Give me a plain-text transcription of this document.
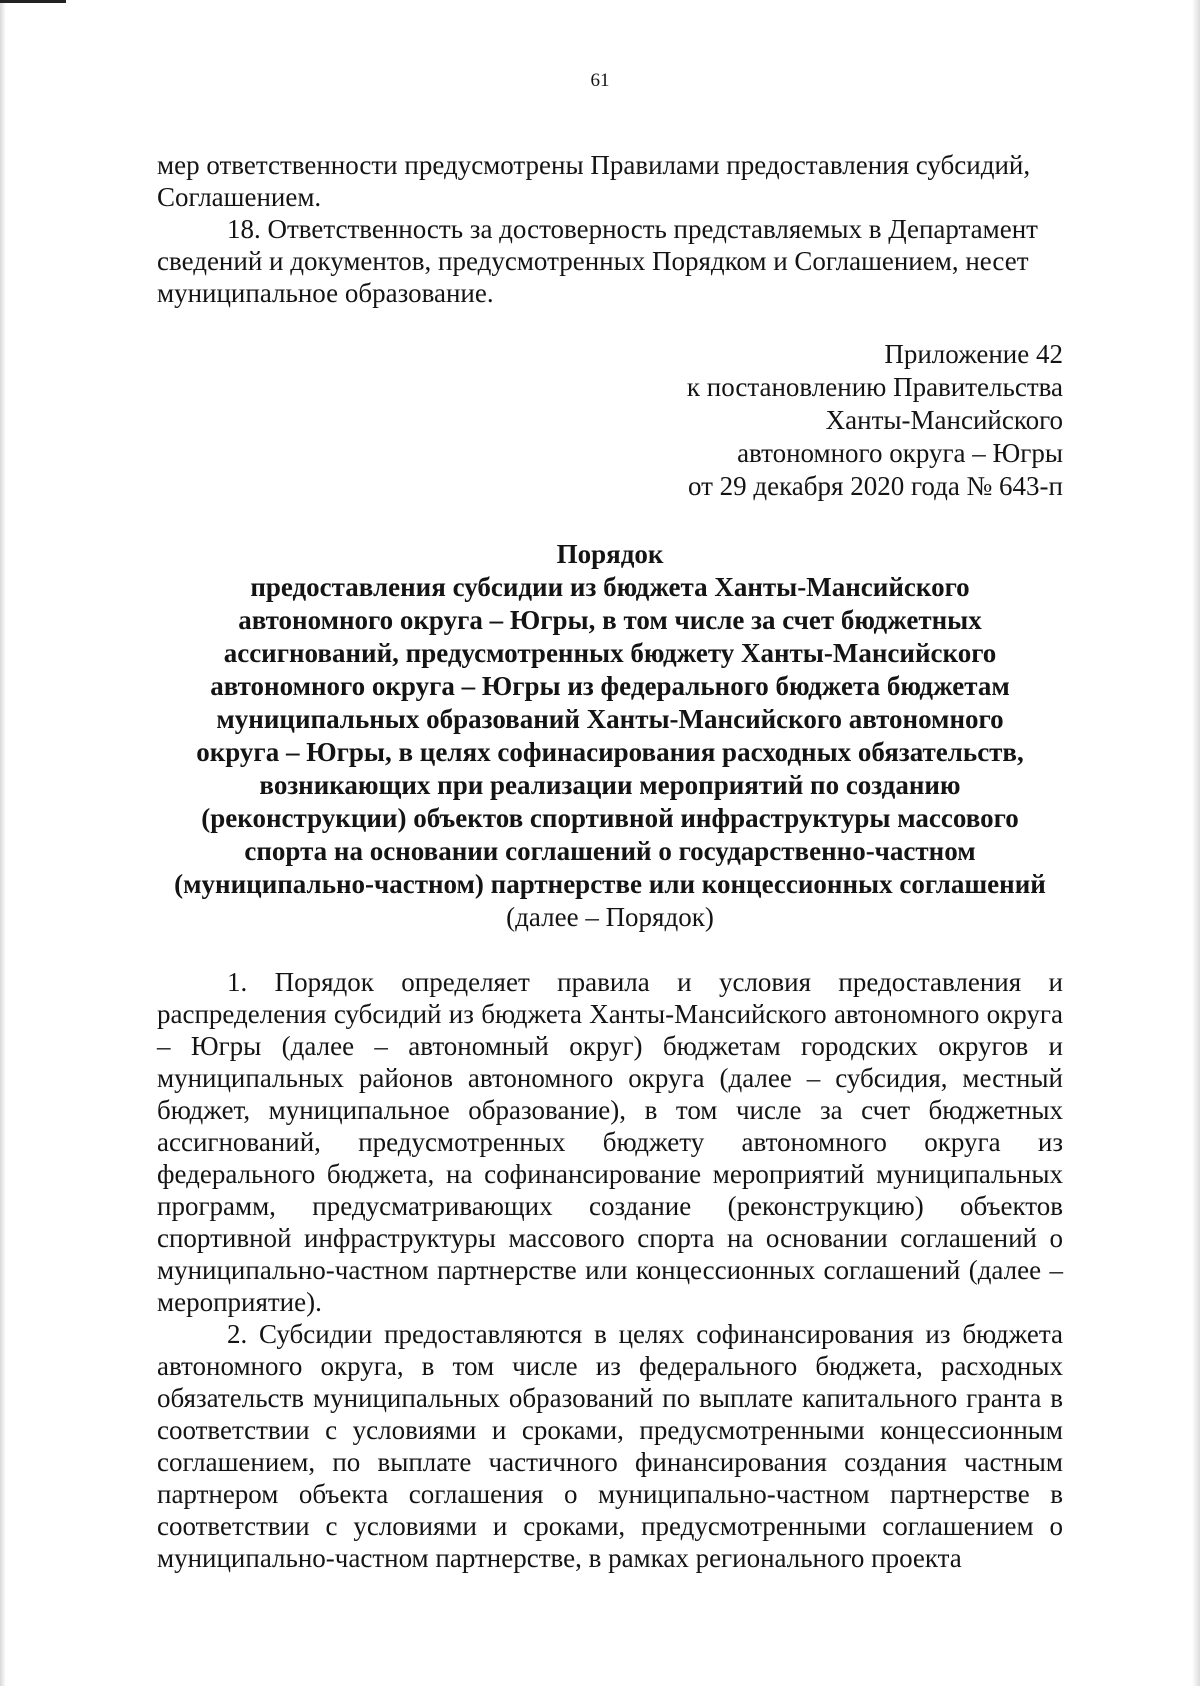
61

мер ответственности предусмотрены Правилами предоставления субсидий, Соглашением.

18. Ответственность за достоверность представляемых в Департамент сведений и документов, предусмотренных Порядком и Соглашением, несет муниципальное образование.

Приложение 42
к постановлению Правительства
Ханты-Мансийского
автономного округа – Югры
от 29 декабря 2020 года № 643-п
Порядок
предоставления субсидии из бюджета Ханты-Мансийского
автономного округа – Югры, в том числе за счет бюджетных
ассигнований, предусмотренных бюджету Ханты-Мансийского
автономного округа – Югры из федерального бюджета бюджетам
муниципальных образований Ханты-Мансийского автономного
округа – Югры, в целях софинасирования расходных обязательств,
возникающих при реализации мероприятий по созданию
(реконструкции) объектов спортивной инфраструктуры массового
спорта на основании соглашений о государственно-частном
(муниципально-частном) партнерстве или концессионных соглашений
(далее – Порядок)

1. Порядок определяет правила и условия предоставления и распределения субсидий из бюджета Ханты-Мансийского автономного округа – Югры (далее – автономный округ) бюджетам городских округов и муниципальных районов автономного округа (далее – субсидия, местный бюджет, муниципальное образование), в том числе за счет бюджетных ассигнований, предусмотренных бюджету автономного округа из федерального бюджета, на софинансирование мероприятий муниципальных программ, предусматривающих создание (реконструкцию) объектов спортивной инфраструктуры массового спорта на основании соглашений о муниципально-частном партнерстве или концессионных соглашений (далее – мероприятие).

2. Субсидии предоставляются в целях софинансирования из бюджета автономного округа, в том числе из федерального бюджета, расходных обязательств муниципальных образований по выплате капитального гранта в соответствии с условиями и сроками, предусмотренными концессионным соглашением, по выплате частичного финансирования создания частным партнером объекта соглашения о муниципально-частном партнерстве в соответствии с условиями и сроками, предусмотренными соглашением о муниципально-частном партнерстве, в рамках регионального проекта
